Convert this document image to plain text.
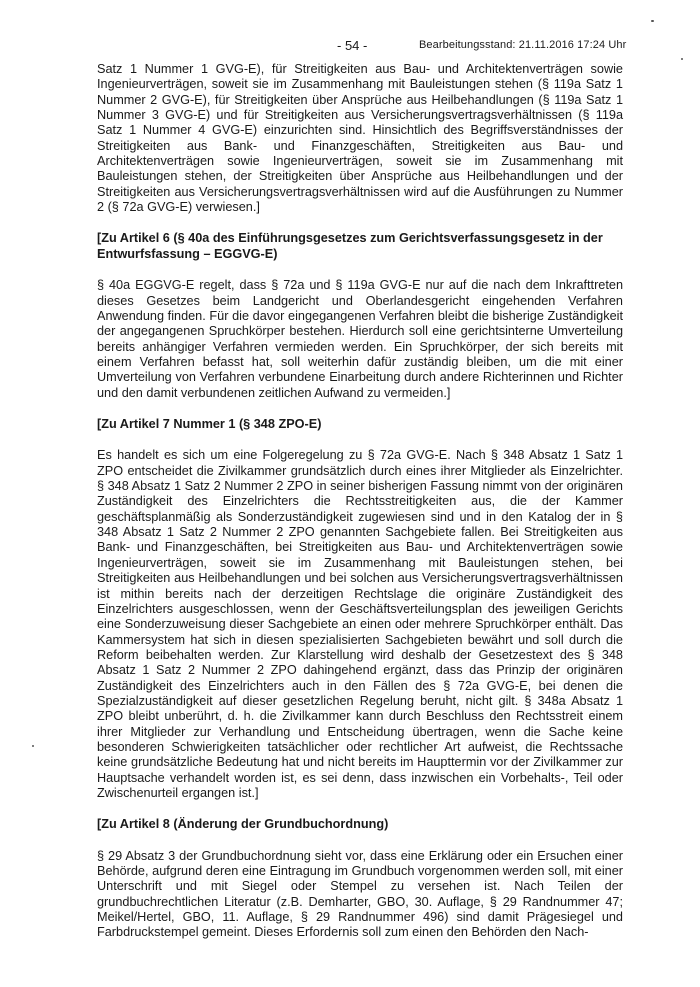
- 54 -	Bearbeitungsstand: 21.11.2016 17:24 Uhr

Satz 1 Nummer 1 GVG-E), für Streitigkeiten aus Bau- und Architektenverträgen sowie Ingenieurverträgen, soweit sie im Zusammenhang mit Bauleistungen stehen (§ 119a Satz 1 Nummer 2 GVG-E), für Streitigkeiten über Ansprüche aus Heilbehandlungen (§ 119a Satz 1 Nummer 3 GVG-E) und für Streitigkeiten aus Versicherungsvertragsverhältnissen (§ 119a Satz 1 Nummer 4 GVG-E) einzurichten sind. Hinsichtlich des Begriffsverständnisses der Streitigkeiten aus Bank- und Finanzgeschäften, Streitigkeiten aus Bau- und Architektenverträgen sowie Ingenieurverträgen, soweit sie im Zusammenhang mit Bauleistungen stehen, der Streitigkeiten über Ansprüche aus Heilbehandlungen und der Streitigkeiten aus Versicherungsvertragsverhältnissen wird auf die Ausführungen zu Nummer 2 (§ 72a GVG-E) verwiesen.]

[Zu Artikel 6 (§ 40a des Einführungsgesetzes zum Gerichtsverfassungsgesetz in der Entwurfsfassung – EGGVG-E)

§ 40a EGGVG-E regelt, dass § 72a und § 119a GVG-E nur auf die nach dem Inkrafttreten dieses Gesetzes beim Landgericht und Oberlandesgericht eingehenden Verfahren Anwendung finden. Für die davor eingegangenen Verfahren bleibt die bisherige Zuständigkeit der angegangenen Spruchkörper bestehen. Hierdurch soll eine gerichtsinterne Umverteilung bereits anhängiger Verfahren vermieden werden. Ein Spruchkörper, der sich bereits mit einem Verfahren befasst hat, soll weiterhin dafür zuständig bleiben, um die mit einer Umverteilung von Verfahren verbundene Einarbeitung durch andere Richterinnen und Richter und den damit verbundenen zeitlichen Aufwand zu vermeiden.]

[Zu Artikel 7 Nummer 1 (§ 348 ZPO-E)

Es handelt es sich um eine Folgeregelung zu § 72a GVG-E. Nach § 348 Absatz 1 Satz 1 ZPO entscheidet die Zivilkammer grundsätzlich durch eines ihrer Mitglieder als Einzelrichter. § 348 Absatz 1 Satz 2 Nummer 2 ZPO in seiner bisherigen Fassung nimmt von der originären Zuständigkeit des Einzelrichters die Rechtsstreitigkeiten aus, die der Kammer geschäftsplanmäßig als Sonderzuständigkeit zugewiesen sind und in den Katalog der in § 348 Absatz 1 Satz 2 Nummer 2 ZPO genannten Sachgebiete fallen. Bei Streitigkeiten aus Bank- und Finanzgeschäften, bei Streitigkeiten aus Bau- und Architektenverträgen sowie Ingenieurverträgen, soweit sie im Zusammenhang mit Bauleistungen stehen, bei Streitigkeiten aus Heilbehandlungen und bei solchen aus Versicherungsvertragsverhältnissen ist mithin bereits nach der derzeitigen Rechtslage die originäre Zuständigkeit des Einzelrichters ausgeschlossen, wenn der Geschäftsverteilungsplan des jeweiligen Gerichts eine Sonderzuweisung dieser Sachgebiete an einen oder mehrere Spruchkörper enthält. Das Kammersystem hat sich in diesen spezialisierten Sachgebieten bewährt und soll durch die Reform beibehalten werden. Zur Klarstellung wird deshalb der Gesetzestext des § 348 Absatz 1 Satz 2 Nummer 2 ZPO dahingehend ergänzt, dass das Prinzip der originären Zuständigkeit des Einzelrichters auch in den Fällen des § 72a GVG-E, bei denen die Spezialzuständigkeit auf dieser gesetzlichen Regelung beruht, nicht gilt. § 348a Absatz 1 ZPO bleibt unberührt, d. h. die Zivilkammer kann durch Beschluss den Rechtsstreit einem ihrer Mitglieder zur Verhandlung und Entscheidung übertragen, wenn die Sache keine besonderen Schwierigkeiten tatsächlicher oder rechtlicher Art aufweist, die Rechtssache keine grundsätzliche Bedeutung hat und nicht bereits im Haupttermin vor der Zivilkammer zur Hauptsache verhandelt worden ist, es sei denn, dass inzwischen ein Vorbehalts-, Teil oder Zwischenurteil ergangen ist.]

[Zu Artikel 8 (Änderung der Grundbuchordnung)

§ 29 Absatz 3 der Grundbuchordnung sieht vor, dass eine Erklärung oder ein Ersuchen einer Behörde, aufgrund deren eine Eintragung im Grundbuch vorgenommen werden soll, mit einer Unterschrift und mit Siegel oder Stempel zu versehen ist. Nach Teilen der grundbuchrechtlichen Literatur (z.B. Demharter, GBO, 30. Auflage, § 29 Randnummer 47; Meikel/Hertel, GBO, 11. Auflage, § 29 Randnummer 496) sind damit Prägesiegel und Farbdruckstempel gemeint. Dieses Erfordernis soll zum einen den Behörden den Nach-
